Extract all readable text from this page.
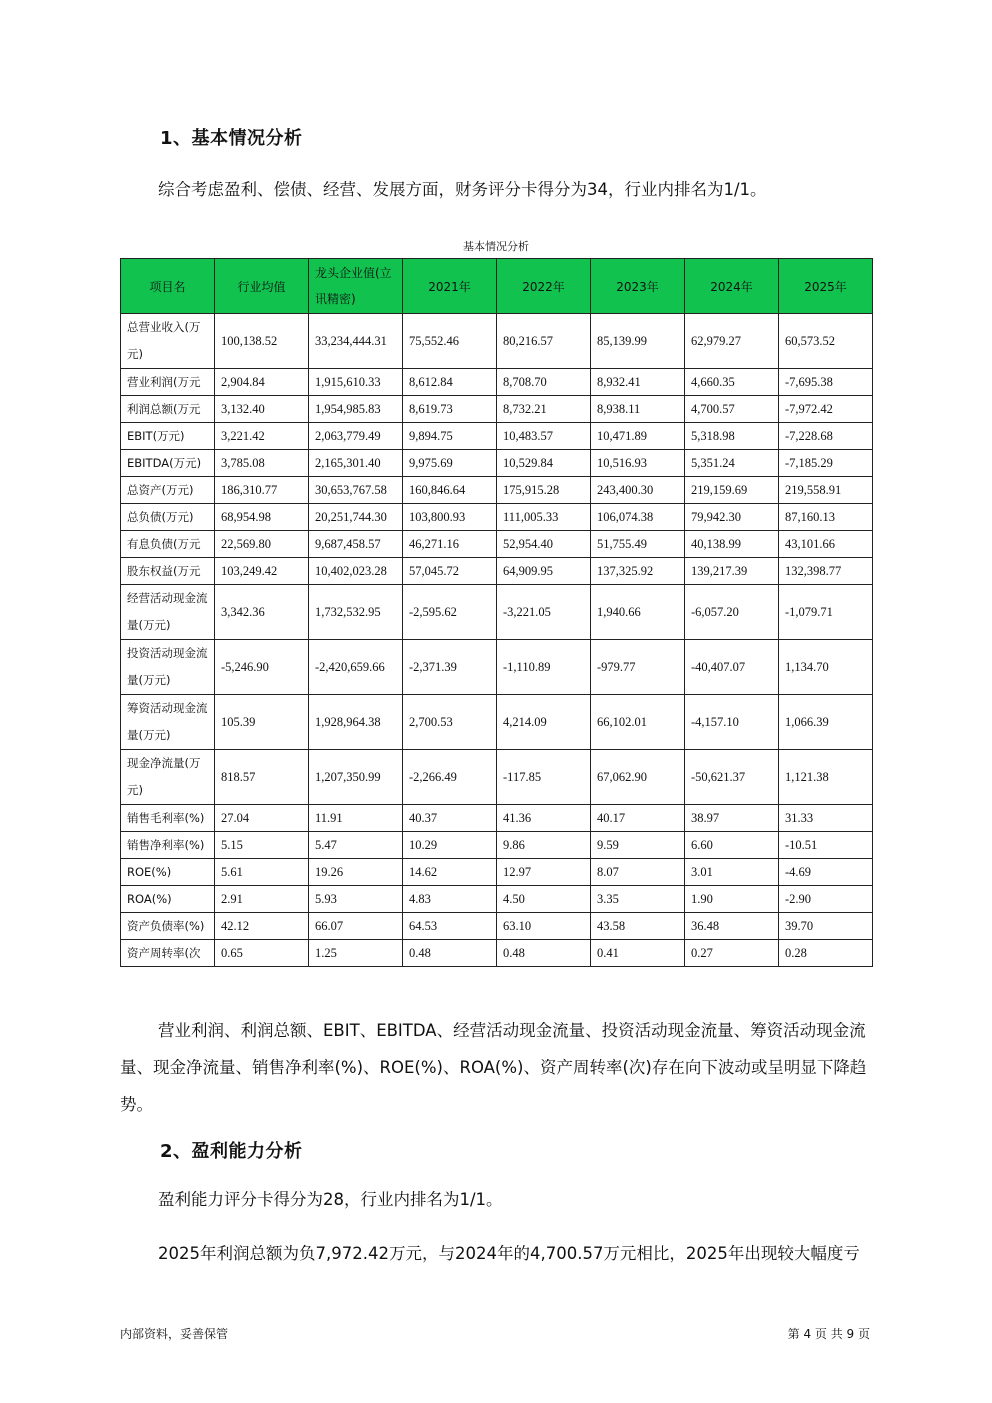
1、基本情况分析
综合考虑盈利、偿债、经营、发展方面，财务评分卡得分为34，行业内排名为1/1。
基本情况分析
项目名	行业均值	龙头企业值(立讯精密)	2021年	2022年	2023年	2024年	2025年
总营业收入(万元)	100,138.52	33,234,444.31	75,552.46	80,216.57	85,139.99	62,979.27	60,573.52
营业利润(万元	2,904.84	1,915,610.33	8,612.84	8,708.70	8,932.41	4,660.35	-7,695.38
利润总额(万元	3,132.40	1,954,985.83	8,619.73	8,732.21	8,938.11	4,700.57	-7,972.42
EBIT(万元)	3,221.42	2,063,779.49	9,894.75	10,483.57	10,471.89	5,318.98	-7,228.68
EBITDA(万元)	3,785.08	2,165,301.40	9,975.69	10,529.84	10,516.93	5,351.24	-7,185.29
总资产(万元)	186,310.77	30,653,767.58	160,846.64	175,915.28	243,400.30	219,159.69	219,558.91
总负债(万元)	68,954.98	20,251,744.30	103,800.93	111,005.33	106,074.38	79,942.30	87,160.13
有息负债(万元	22,569.80	9,687,458.57	46,271.16	52,954.40	51,755.49	40,138.99	43,101.66
股东权益(万元	103,249.42	10,402,023.28	57,045.72	64,909.95	137,325.92	139,217.39	132,398.77
经营活动现金流量(万元)	3,342.36	1,732,532.95	-2,595.62	-3,221.05	1,940.66	-6,057.20	-1,079.71
投资活动现金流量(万元)	-5,246.90	-2,420,659.66	-2,371.39	-1,110.89	-979.77	-40,407.07	1,134.70
筹资活动现金流量(万元)	105.39	1,928,964.38	2,700.53	4,214.09	66,102.01	-4,157.10	1,066.39
现金净流量(万元)	818.57	1,207,350.99	-2,266.49	-117.85	67,062.90	-50,621.37	1,121.38
销售毛利率(%)	27.04	11.91	40.37	41.36	40.17	38.97	31.33
销售净利率(%)	5.15	5.47	10.29	9.86	9.59	6.60	-10.51
ROE(%)	5.61	19.26	14.62	12.97	8.07	3.01	-4.69
ROA(%)	2.91	5.93	4.83	4.50	3.35	1.90	-2.90
资产负债率(%)	42.12	66.07	64.53	63.10	43.58	36.48	39.70
资产周转率(次	0.65	1.25	0.48	0.48	0.41	0.27	0.28
营业利润、利润总额、EBIT、EBITDA、经营活动现金流量、投资活动现金流量、筹资活动现金流量、现金净流量、销售净利率(%)、ROE(%)、ROA(%)、资产周转率(次)存在向下波动或呈明显下降趋势。
2、盈利能力分析
盈利能力评分卡得分为28，行业内排名为1/1。
2025年利润总额为负7,972.42万元，与2024年的4,700.57万元相比，2025年出现较大幅度亏
内部资料，妥善保管	第 4 页 共 9 页
